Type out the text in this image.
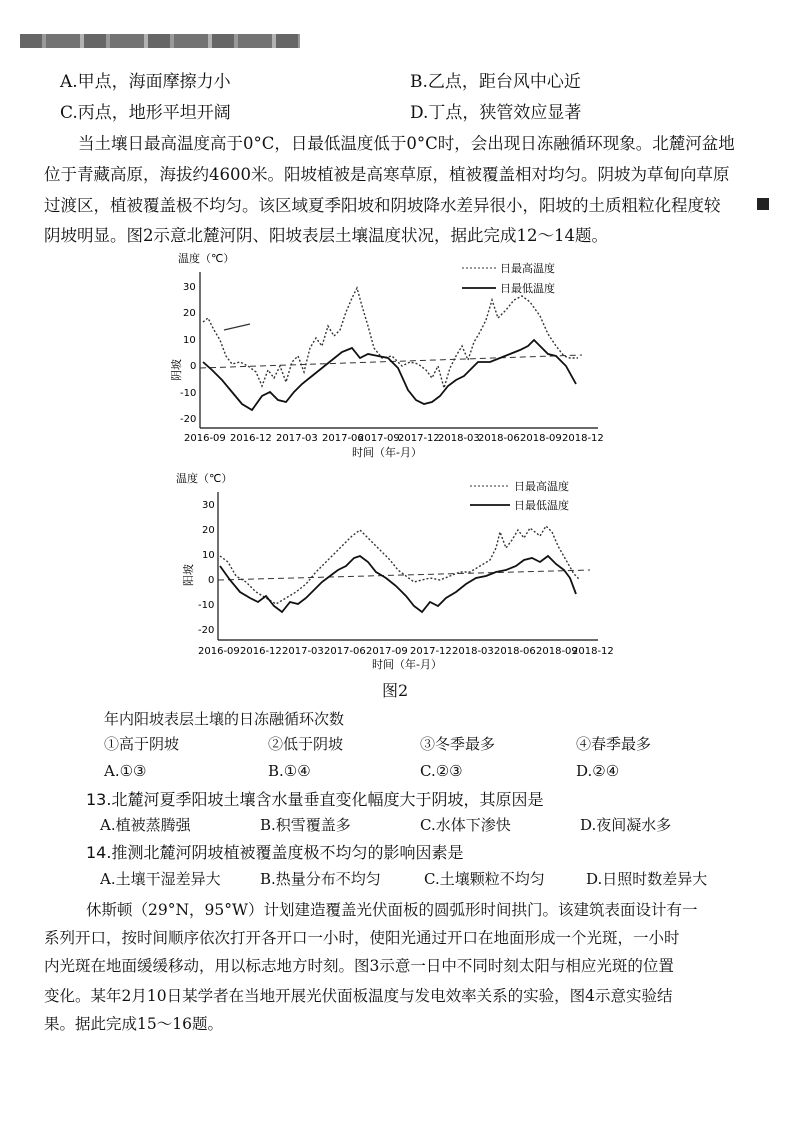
A.甲点，海面摩擦力小	B.乙点，距台风中心近
C.丙点，地形平坦开阔	D.丁点，狭管效应显著
当土壤日最高温度高于0°C，日最低温度低于0°C时，会出现日冻融循环现象。北麓河盆地
位于青藏高原，海拔约4600米。阳坡植被是高寒草原，植被覆盖相对均匀。阴坡为草甸向草原
过渡区，植被覆盖极不均匀。该区域夏季阳坡和阴坡降水差异很小，阳坡的土质粗粒化程度较
阴坡明显。图2示意北麓河阴、阳坡表层土壤温度状况，据此完成12～14题。
温度（℃）
阴坡
30
20
10
0
-10
-20
日最高温度
日最低温度
2016-09 2016-12 2017-03 2017-06
2017-09
2017-12
2018-03
2018-06 2018-09 2018-12
时间（年-月）
温度（℃）
阳坡
30
20
10
0
-10
-20
日最高温度
日最低温度
2016-09 2016-12 2017-03 2017-06 2017-09 2017-12 2018-03 2018-06 2018-09
2018-12
时间（年-月）
图2
年内阳坡表层土壤的日冻融循环次数
①高于阴坡	②低于阴坡	③冬季最多	④春季最多
A.①③	B.①④	C.②③	D.②④
13.北麓河夏季阳坡土壤含水量垂直变化幅度大于阴坡，其原因是
A.植被蒸腾强	B.积雪覆盖多	C.水体下渗快	D.夜间凝水多
14.推测北麓河阴坡植被覆盖度极不均匀的影响因素是
A.土壤干湿差异大	B.热量分布不均匀	C.土壤颗粒不均匀	D.日照时数差异大
休斯顿（29°N，95°W）计划建造覆盖光伏面板的圆弧形时间拱门。该建筑表面设计有一
系列开口，按时间顺序依次打开各开口一小时，使阳光通过开口在地面形成一个光斑，一小时
内光斑在地面缓缓移动，用以标志地方时刻。图3示意一日中不同时刻太阳与相应光斑的位置
变化。某年2月10日某学者在当地开展光伏面板温度与发电效率关系的实验，图4示意实验结
果。据此完成15～16题。
